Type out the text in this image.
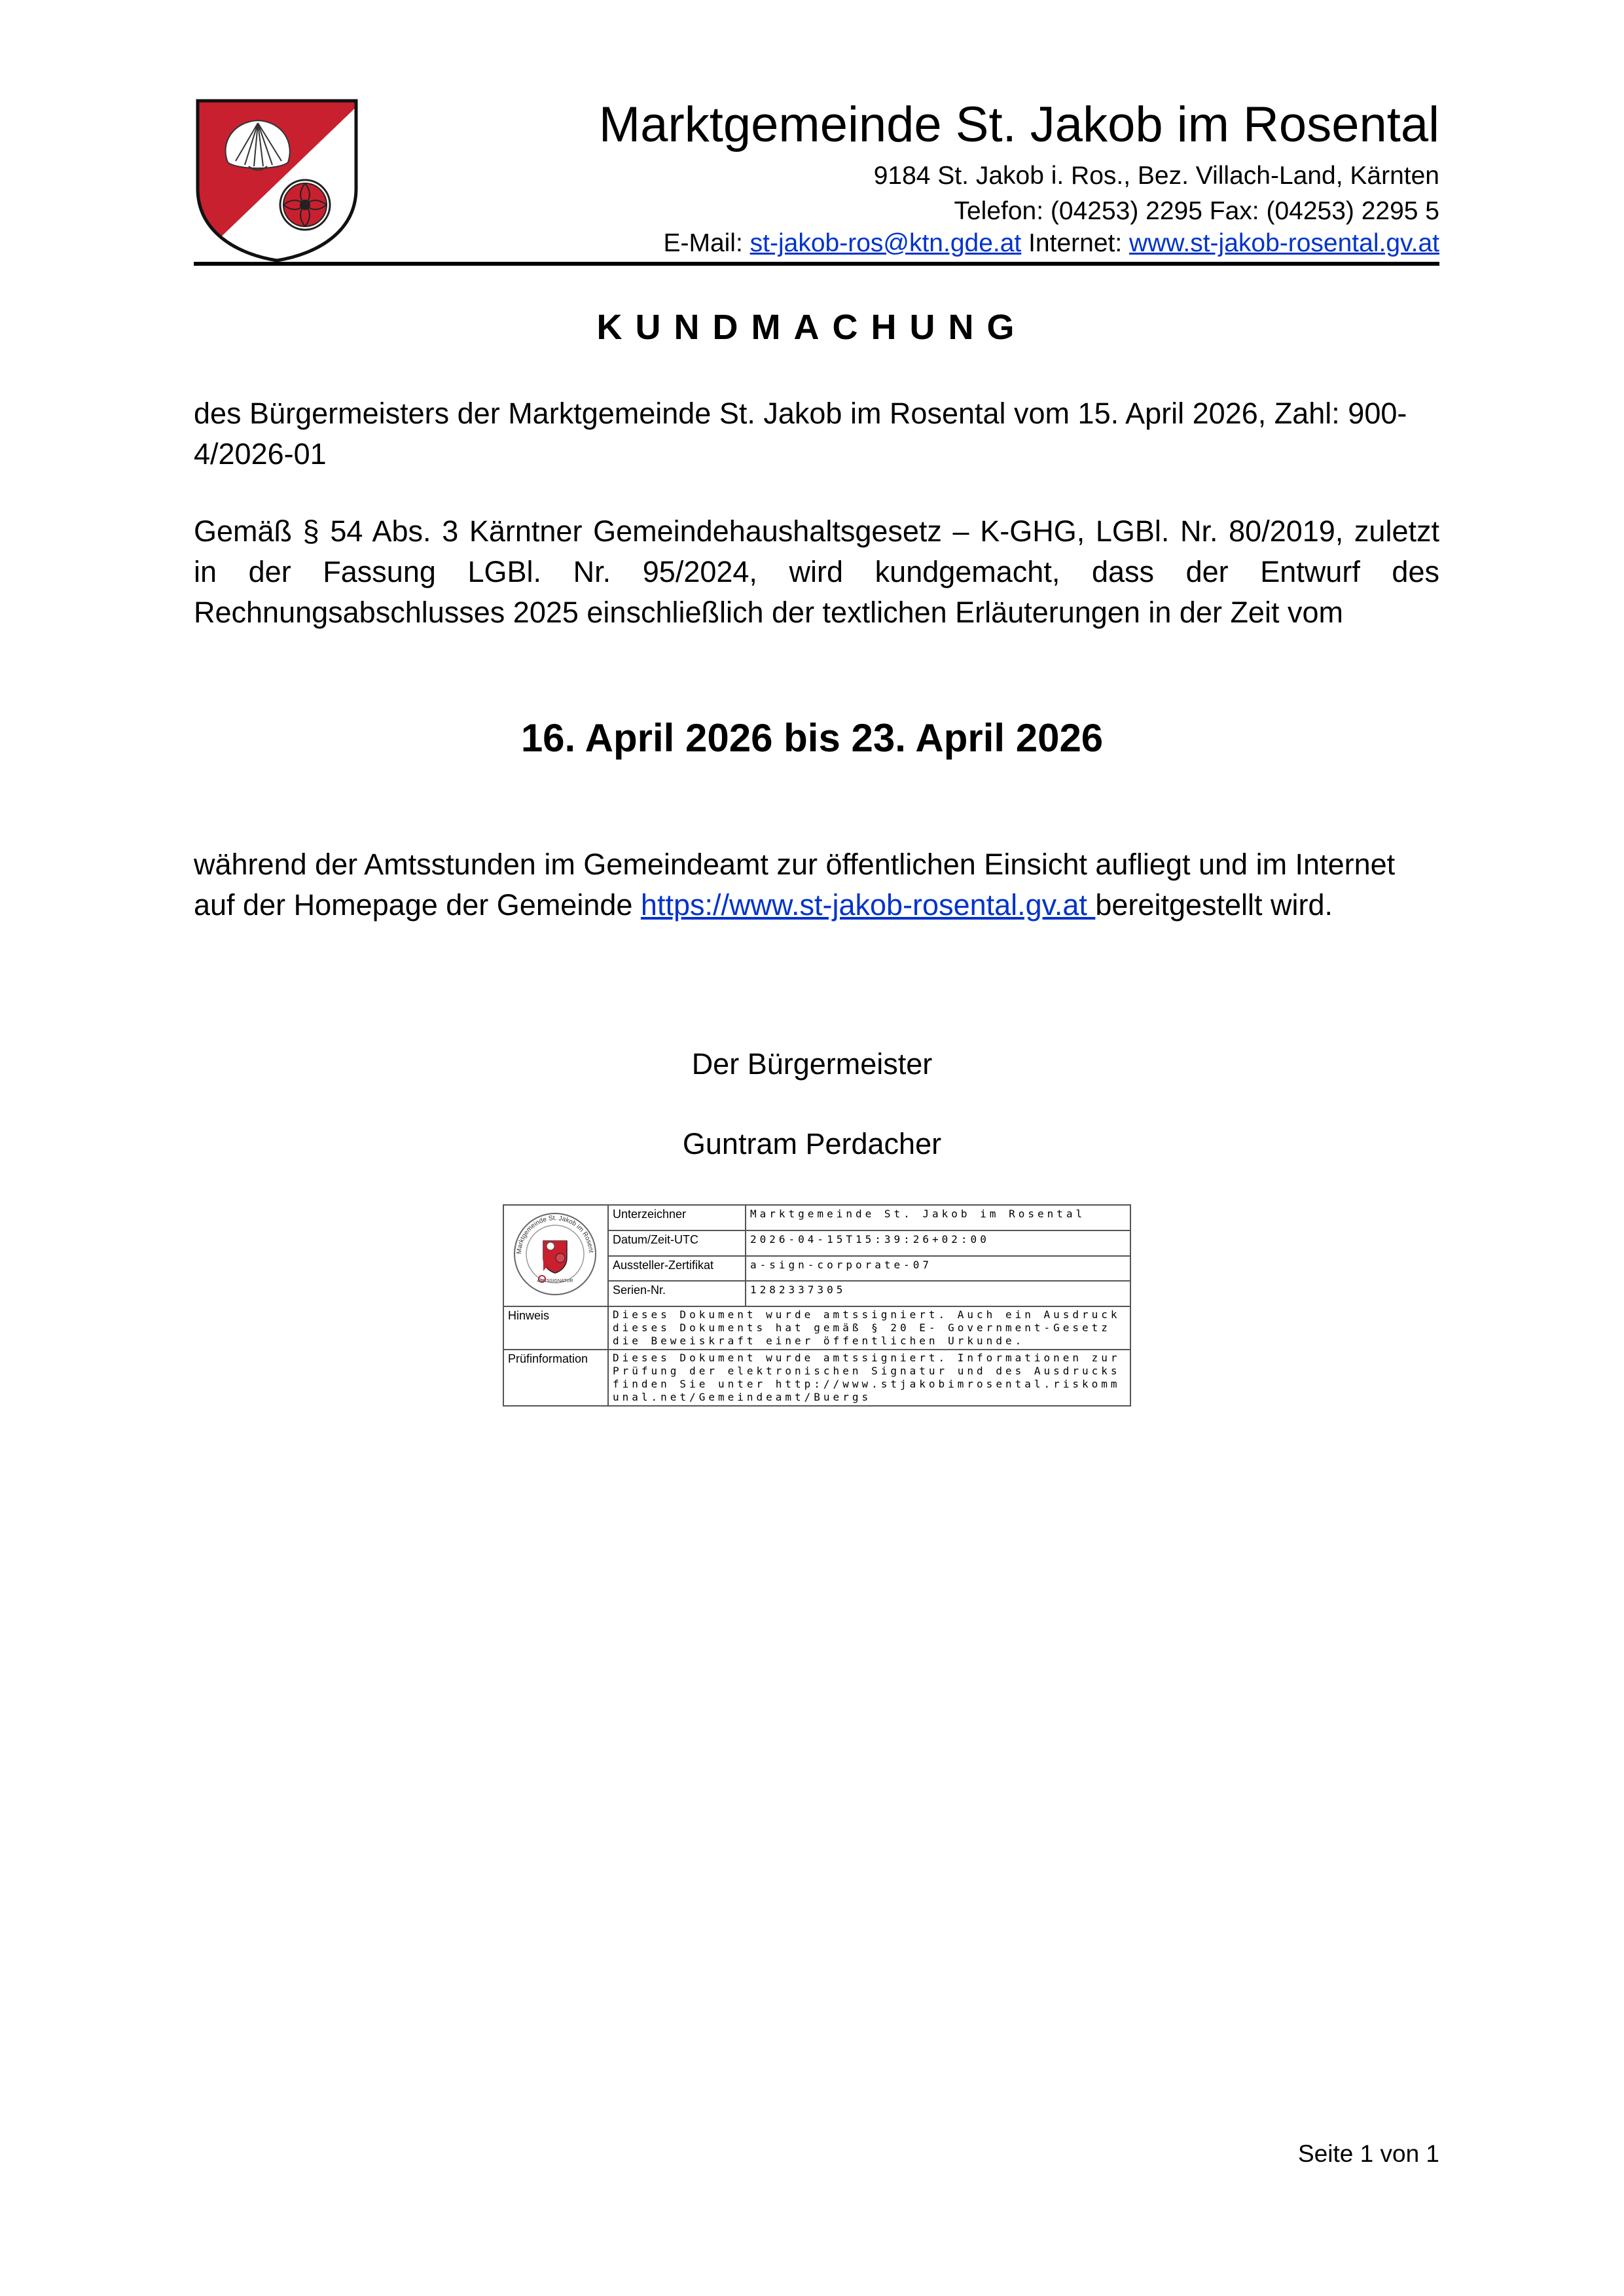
Marktgemeinde St. Jakob im Rosental
9184 St. Jakob i. Ros., Bez. Villach-Land, Kärnten
Telefon: (04253) 2295 Fax: (04253) 2295 5
E-Mail: st-jakob-ros@ktn.gde.at Internet: www.st-jakob-rosental.gv.at
KUNDMACHUNG
des Bürgermeisters der Marktgemeinde St. Jakob im Rosental vom 15. April 2026, Zahl: 900-4/2026-01
Gemäß § 54 Abs. 3 Kärntner Gemeindehaushaltsgesetz – K-GHG, LGBl. Nr. 80/2019, zuletzt
in der Fassung LGBl. Nr. 95/2024, wird kundgemacht, dass der Entwurf des
Rechnungsabschlusses 2025 einschließlich der textlichen Erläuterungen in der Zeit vom
16. April 2026 bis 23. April 2026
während der Amtsstunden im Gemeindeamt zur öffentlichen Einsicht aufliegt und im Internet
auf der Homepage der Gemeinde https://www.st-jakob-rosental.gv.at bereitgestellt wird.
Der Bürgermeister
Guntram Perdacher
Marktgemeinde St. Jakob im Rosent
AMTSSIGNATUR	Unterzeichner	Marktgemeinde St. Jakob im Rosental
	Datum/Zeit-UTC	2026-04-15T15:39:26+02:00
	Aussteller-Zertifikat	a-sign-corporate-07
	Serien-Nr.	1282337305
Hinweis	Dieses Dokument wurde amtssigniert. Auch ein Ausdruck dieses Dokuments hat gemäß § 20 E- Government-Gesetz die Beweiskraft einer öffentlichen Urkunde.	
Prüfinformation	Dieses Dokument wurde amtssigniert. Informationen zur Prüfung der elektronischen Signatur und des Ausdrucks finden Sie unter http://www.stjakobimrosental.riskommunal.net/Gemeindeamt/Buergs	
Seite 1 von 1
